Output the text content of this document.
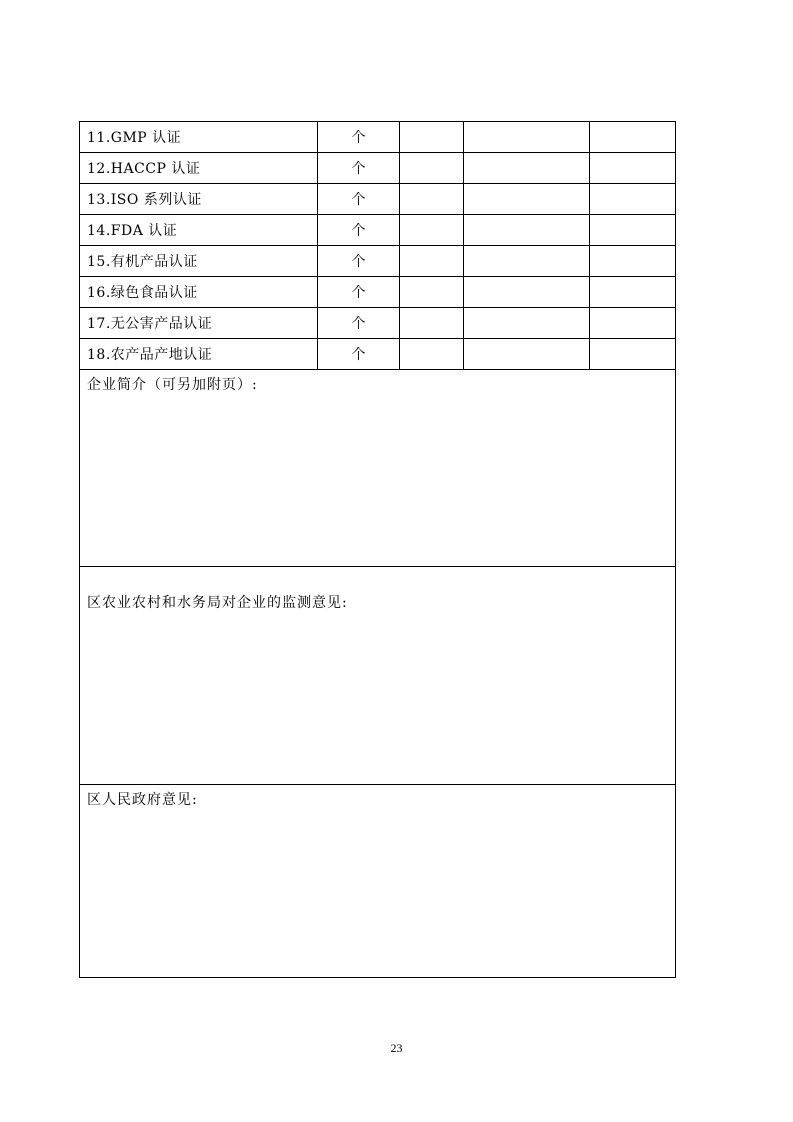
11.GMP 认证	个			
12.HACCP 认证	个			
13.ISO 系列认证	个			
14.FDA 认证	个			
15.有机产品认证	个			
16.绿色食品认证	个			
17.无公害产品认证	个			
18.农产品产地认证	个			
企业简介（可另加附页）:				
区农业农村和水务局对企业的监测意见:				
区人民政府意见:				
23
